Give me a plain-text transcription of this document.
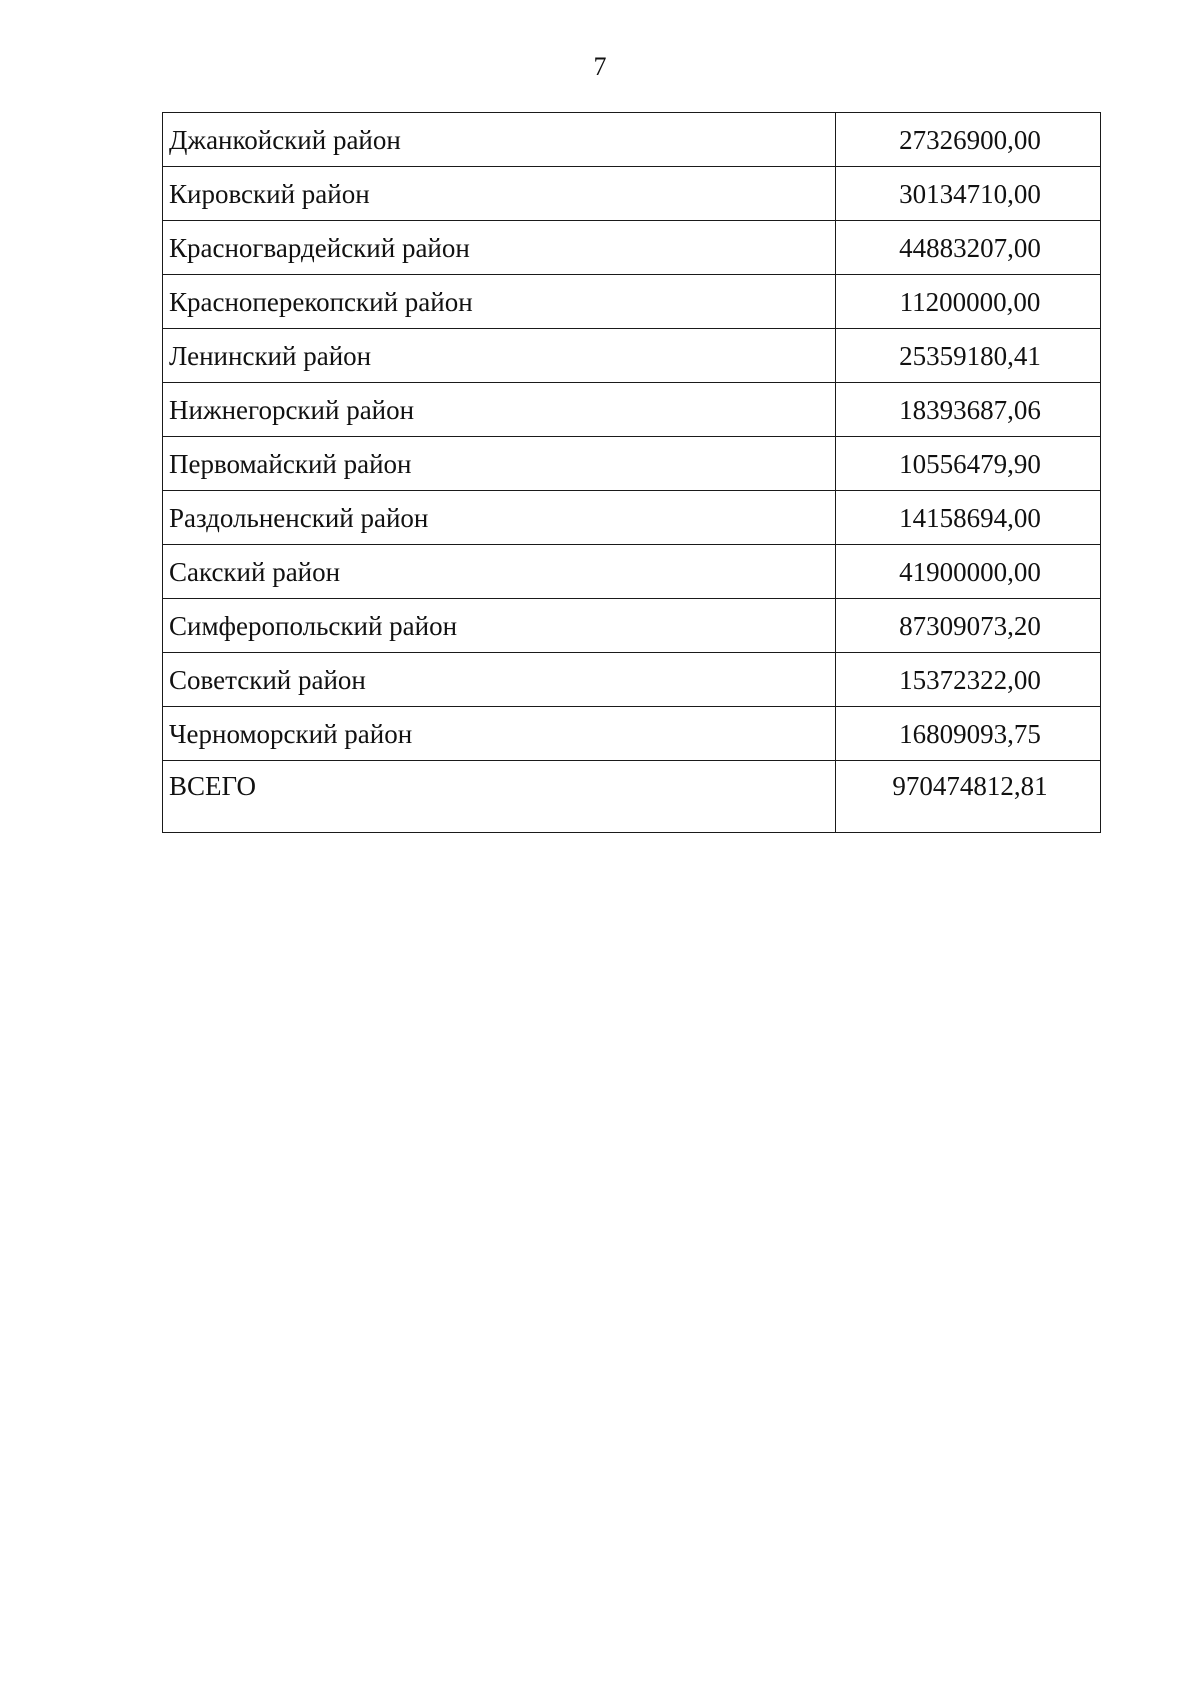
7
Джанкойский район	27326900,00
Кировский район	30134710,00
Красногвардейский район	44883207,00
Красноперекопский район	11200000,00
Ленинский район	25359180,41
Нижнегорский район	18393687,06
Первомайский район	10556479,90
Раздольненский район	14158694,00
Сакский район	41900000,00
Симферопольский район	87309073,20
Советский район	15372322,00
Черноморский район	16809093,75
ВСЕГО	970474812,81
